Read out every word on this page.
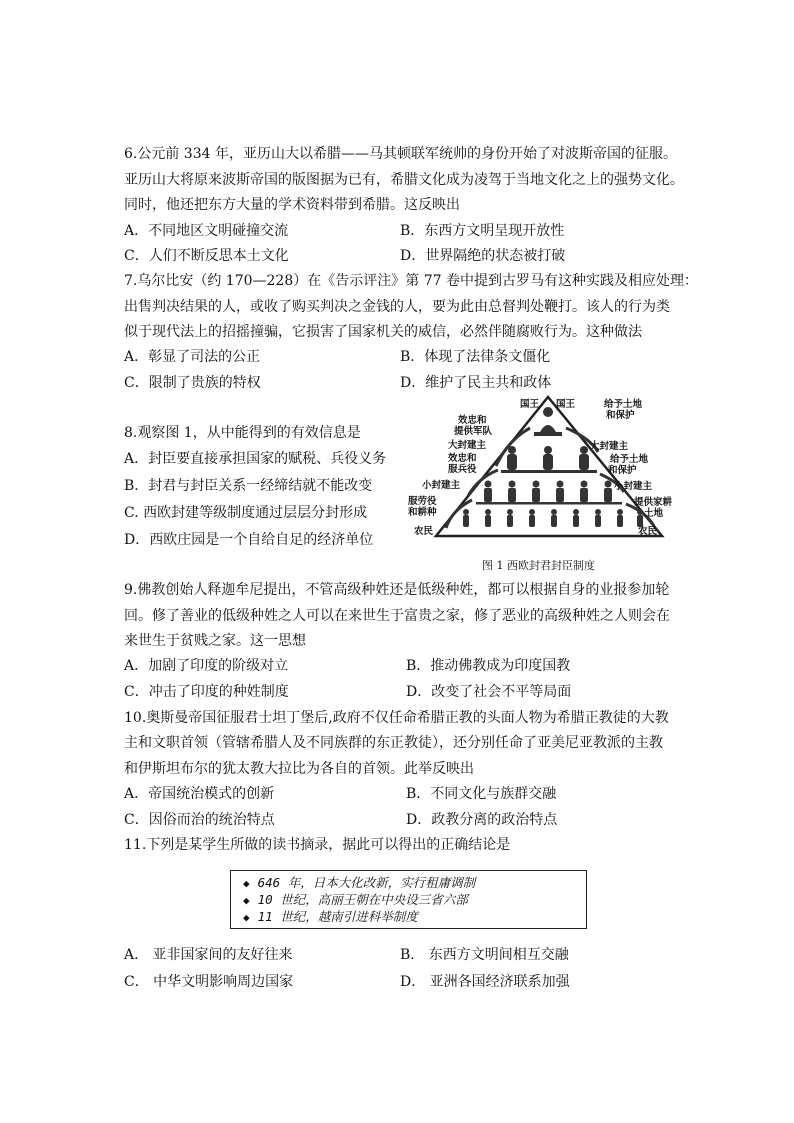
6.公元前 334 年，亚历山大以希腊——马其顿联军统帅的身份开始了对波斯帝国的征服。
亚历山大将原来波斯帝国的版图据为已有，希腊文化成为凌驾于当地文化之上的强势文化。
同时，他还把东方大量的学术资料带到希腊。这反映出
A．不同地区文明碰撞交流	B．东西方文明呈现开放性
C．人们不断反思本土文化	D．世界隔绝的状态被打破
7.乌尔比安（约 170—228）在《告示评注》第 77 卷中提到古罗马有这种实践及相应处理：
出售判决结果的人，或收了购买判决之金钱的人，要为此由总督判处鞭打。该人的行为类
似于现代法上的招摇撞骗，它损害了国家机关的威信，必然伴随腐败行为。这种做法
A．彰显了司法的公正	B．体现了法律条文僵化
C．限制了贵族的特权	D．维护了民主共和政体
8.观察图 1，从中能得到的有效信息是
A．封臣要直接承担国家的赋税、兵役义务
B．封君与封臣关系一经缔结就不能改变
C. 西欧封建等级制度通过层层分封形成
D．西欧庄园是一个自给自足的经济单位
国王 国王
效忠和
提供军队
给予土地
和保护
大封建主	大封建主
效忠和
服兵役
给予土地
和保护
小封建主	小封建主
服劳役
和耕种
提供家耕
土地
农民	农民
图 1 西欧封君封臣制度
9.佛教创始人释迦牟尼提出，不管高级种姓还是低级种姓，都可以根据自身的业报参加轮
回。修了善业的低级种姓之人可以在来世生于富贵之家，修了恶业的高级种姓之人则会在
来世生于贫贱之家。这一思想
A．加剧了印度的阶级对立	B．推动佛教成为印度国教
C．冲击了印度的种姓制度	D．改变了社会不平等局面
10.奥斯曼帝国征服君士坦丁堡后,政府不仅任命希腊正教的头面人物为希腊正教徒的大教
主和文职首领（管辖希腊人及不同族群的东正教徒），还分别任命了亚美尼亚教派的主教
和伊斯坦布尔的犹太教大拉比为各自的首领。此举反映出
A．帝国统治模式的创新	B．不同文化与族群交融
C．因俗而治的统治特点	D．政教分离的政治特点
11.下列是某学生所做的读书摘录，据此可以得出的正确结论是
◆ 646 年，日本大化改新，实行租庸调制
◆ 10 世纪，高丽王朝在中央设三省六部
◆ 11 世纪，越南引进科举制度
A． 亚非国家间的友好往来	B． 东西方文明间相互交融
C． 中华文明影响周边国家	D． 亚洲各国经济联系加强
